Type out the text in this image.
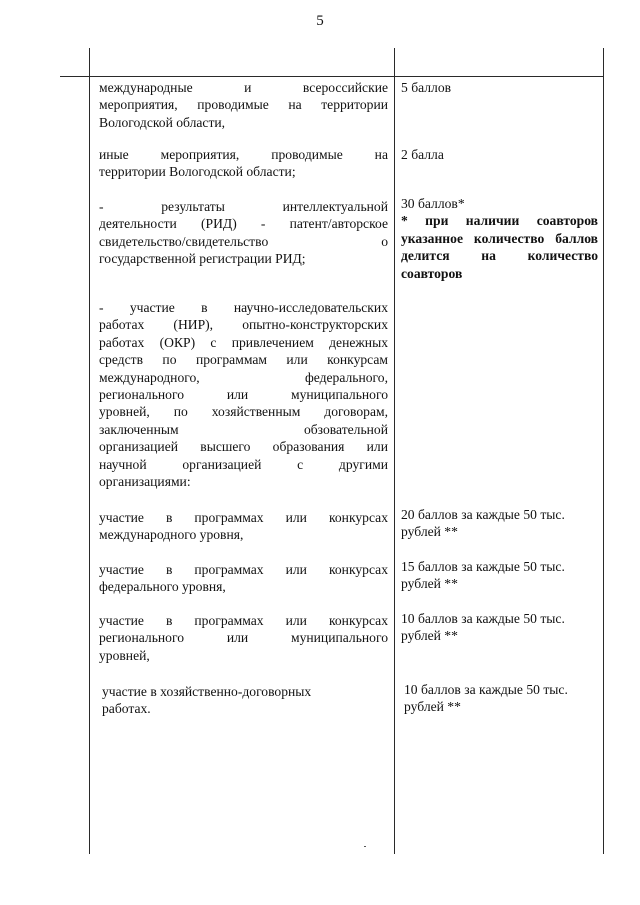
5
международные и всероссийские
мероприятия, проводимые на территории
Вологодской области,
5 баллов
иные мероприятия, проводимые на
территории Вологодской области;
2 балла
- результаты интеллектуальной
деятельности (РИД) - патент/авторское
свидетельство/свидетельство о
государственной регистрации РИД;
30 баллов*
* при наличии соавторов
указанное количество баллов
делится на количество
соавторов
- участие в научно-исследовательских
работах (НИР), опытно-конструкторских
работах (ОКР) с привлечением денежных
средств по программам или конкурсам
международного, федерального,
регионального или муниципального
уровней, по хозяйственным договорам,
заключенным обзовательной
организацией высшего образования или
научной организацией с другими
организациями:
участие в программах или конкурсах
международного уровня,
20 баллов за каждые 50 тыс.
рублей **
участие в программах или конкурсах
федерального уровня,
15 баллов за каждые 50 тыс.
рублей **
участие в программах или конкурсах
регионального или муниципального
уровней,
10 баллов за каждые 50 тыс.
рублей **
участие в хозяйственно-договорных
работах.
10 баллов за каждые 50 тыс.
рублей **
